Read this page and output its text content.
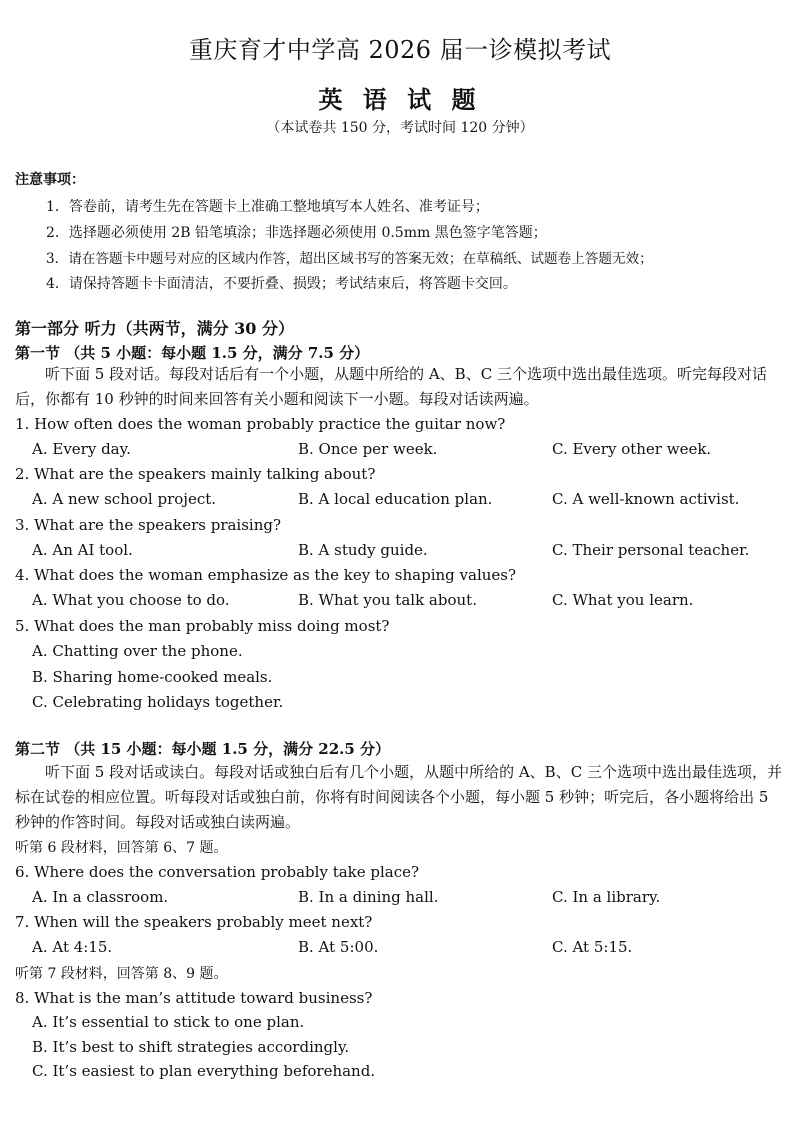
重庆育才中学高 2026 届一诊模拟考试
英 语 试 题
（本试卷共 150 分，考试时间 120 分钟）
注意事项：
1．答卷前，请考生先在答题卡上准确工整地填写本人姓名、准考证号；
2．选择题必须使用 2B 铅笔填涂；非选择题必须使用 0.5mm 黑色签字笔答题；
3．请在答题卡中题号对应的区域内作答，超出区域书写的答案无效；在草稿纸、试题卷上答题无效；
4．请保持答题卡卡面清洁，不要折叠、损毁；考试结束后，将答题卡交回。
第一部分 听力（共两节，满分 30 分）
第一节 （共 5 小题：每小题 1.5 分，满分 7.5 分）
听下面 5 段对话。每段对话后有一个小题，从题中所给的 A、B、C 三个选项中选出最佳选项。听完每段对话后，你都有 10 秒钟的时间来回答有关小题和阅读下一小题。每段对话读两遍。
1. How often does the woman probably practice the guitar now?
A. Every day.	B. Once per week.	C. Every other week.
2. What are the speakers mainly talking about?
A. A new school project.	B. A local education plan.	C. A well-known activist.
3. What are the speakers praising?
A. An AI tool.	B. A study guide.	C. Their personal teacher.
4. What does the woman emphasize as the key to shaping values?
A. What you choose to do.	B. What you talk about.	C. What you learn.
5. What does the man probably miss doing most?
A. Chatting over the phone.
B. Sharing home-cooked meals.
C. Celebrating holidays together.
第二节 （共 15 小题：每小题 1.5 分，满分 22.5 分）
听下面 5 段对话或读白。每段对话或独白后有几个小题，从题中所给的 A、B、C 三个选项中选出最佳选项，并标在试卷的相应位置。听每段对话或独白前，你将有时间阅读各个小题，每小题 5 秒钟；听完后，各小题将给出 5 秒钟的作答时间。每段对话或独白读两遍。
听第 6 段材料，回答第 6、7 题。
6. Where does the conversation probably take place?
A. In a classroom.	B. In a dining hall.	C. In a library.
7. When will the speakers probably meet next?
A. At 4:15.	B. At 5:00.	C. At 5:15.
听第 7 段材料，回答第 8、9 题。
8. What is the man’s attitude toward business?
A. It’s essential to stick to one plan.
B. It’s best to shift strategies accordingly.
C. It’s easiest to plan everything beforehand.
